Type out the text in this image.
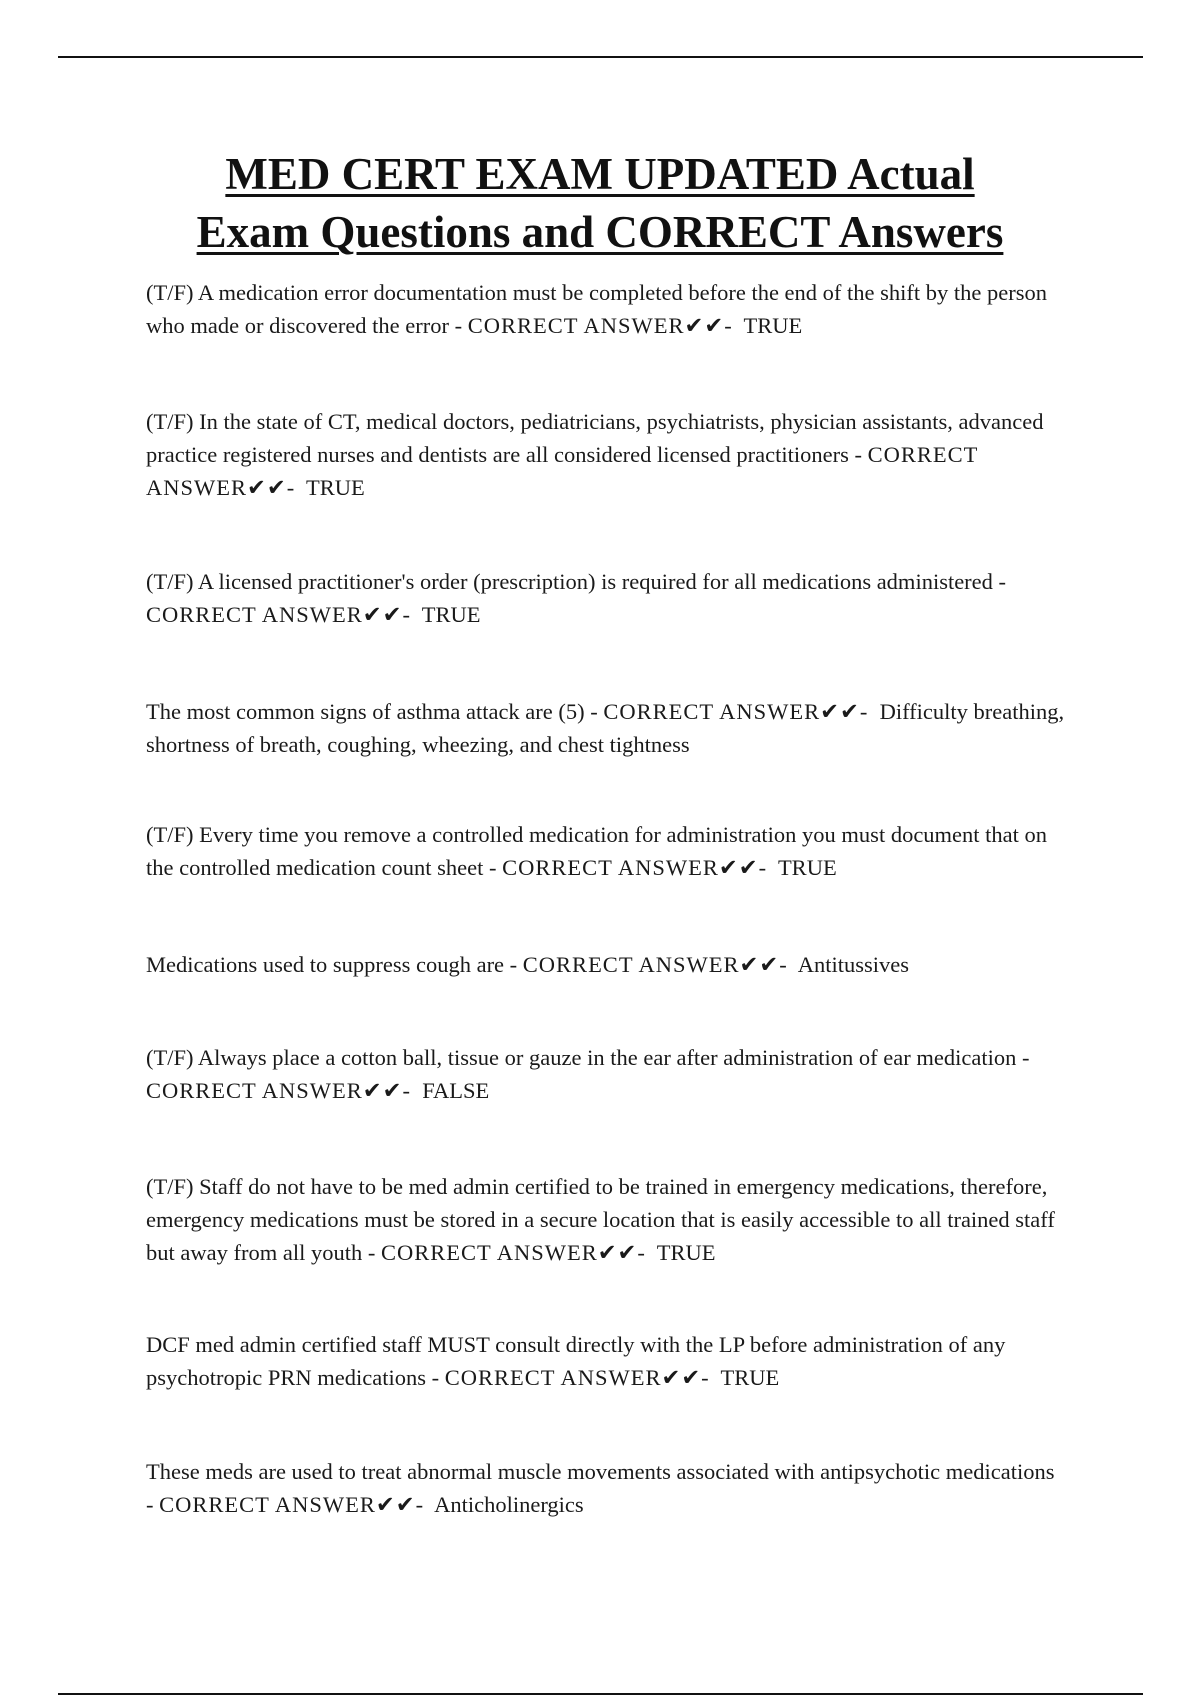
MED CERT EXAM UPDATED Actual
Exam Questions and CORRECT Answers

(T/F) A medication error documentation must be completed before the end of the shift by the person who made or discovered the error - CORRECT ANSWER✔✔- TRUE

(T/F) In the state of CT, medical doctors, pediatricians, psychiatrists, physician assistants, advanced practice registered nurses and dentists are all considered licensed practitioners - CORRECT ANSWER✔✔- TRUE

(T/F) A licensed practitioner's order (prescription) is required for all medications administered - CORRECT ANSWER✔✔- TRUE

The most common signs of asthma attack are (5) - CORRECT ANSWER✔✔- Difficulty breathing, shortness of breath, coughing, wheezing, and chest tightness

(T/F) Every time you remove a controlled medication for administration you must document that on the controlled medication count sheet - CORRECT ANSWER✔✔- TRUE

Medications used to suppress cough are - CORRECT ANSWER✔✔- Antitussives

(T/F) Always place a cotton ball, tissue or gauze in the ear after administration of ear medication - CORRECT ANSWER✔✔- FALSE

(T/F) Staff do not have to be med admin certified to be trained in emergency medications, therefore, emergency medications must be stored in a secure location that is easily accessible to all trained staff but away from all youth - CORRECT ANSWER✔✔- TRUE

DCF med admin certified staff MUST consult directly with the LP before administration of any psychotropic PRN medications - CORRECT ANSWER✔✔- TRUE

These meds are used to treat abnormal muscle movements associated with antipsychotic medications - CORRECT ANSWER✔✔- Anticholinergics
